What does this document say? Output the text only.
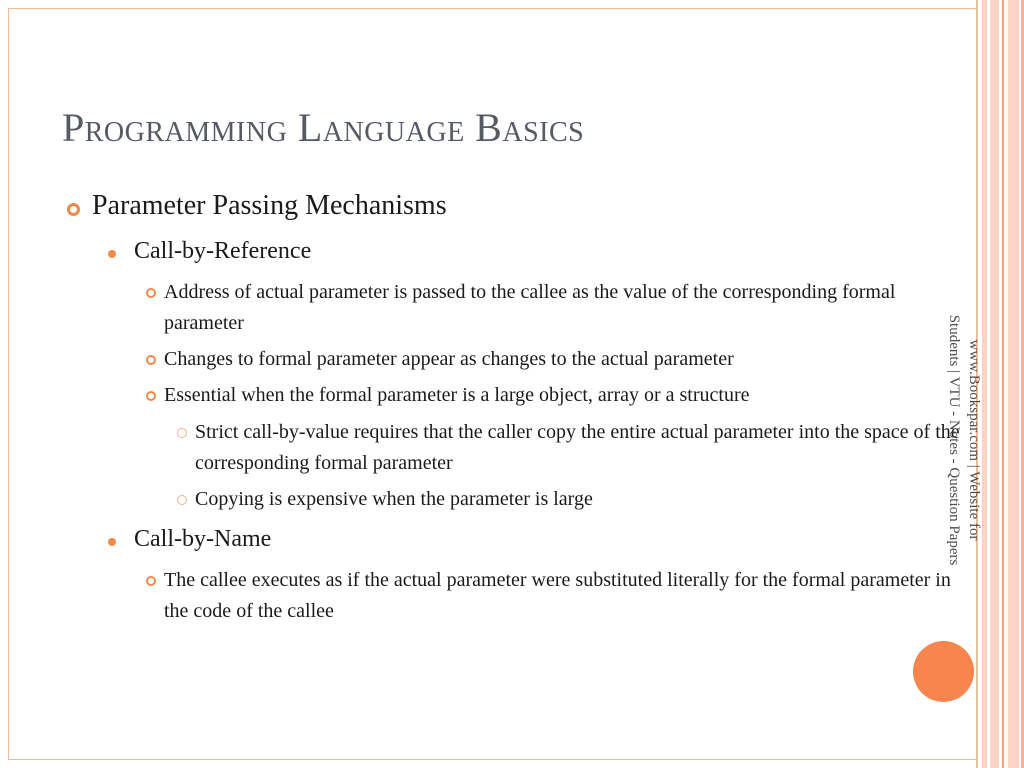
Programming Language Basics

Parameter Passing Mechanisms

Call-by-Reference

Address of actual parameter is passed to the callee as the value of the corresponding formal parameter

Changes to formal parameter appear as changes to the actual parameter

Essential when the formal parameter is a large object, array or a structure

Strict call-by-value requires that the caller copy the entire actual parameter into the space of the corresponding formal parameter

Copying is expensive when the parameter is large

Call-by-Name

The callee executes as if the actual parameter were substituted literally for the formal parameter in the code of the callee

www.Bookspar.com | Website for
Students | VTU - Notes - Question Papers
